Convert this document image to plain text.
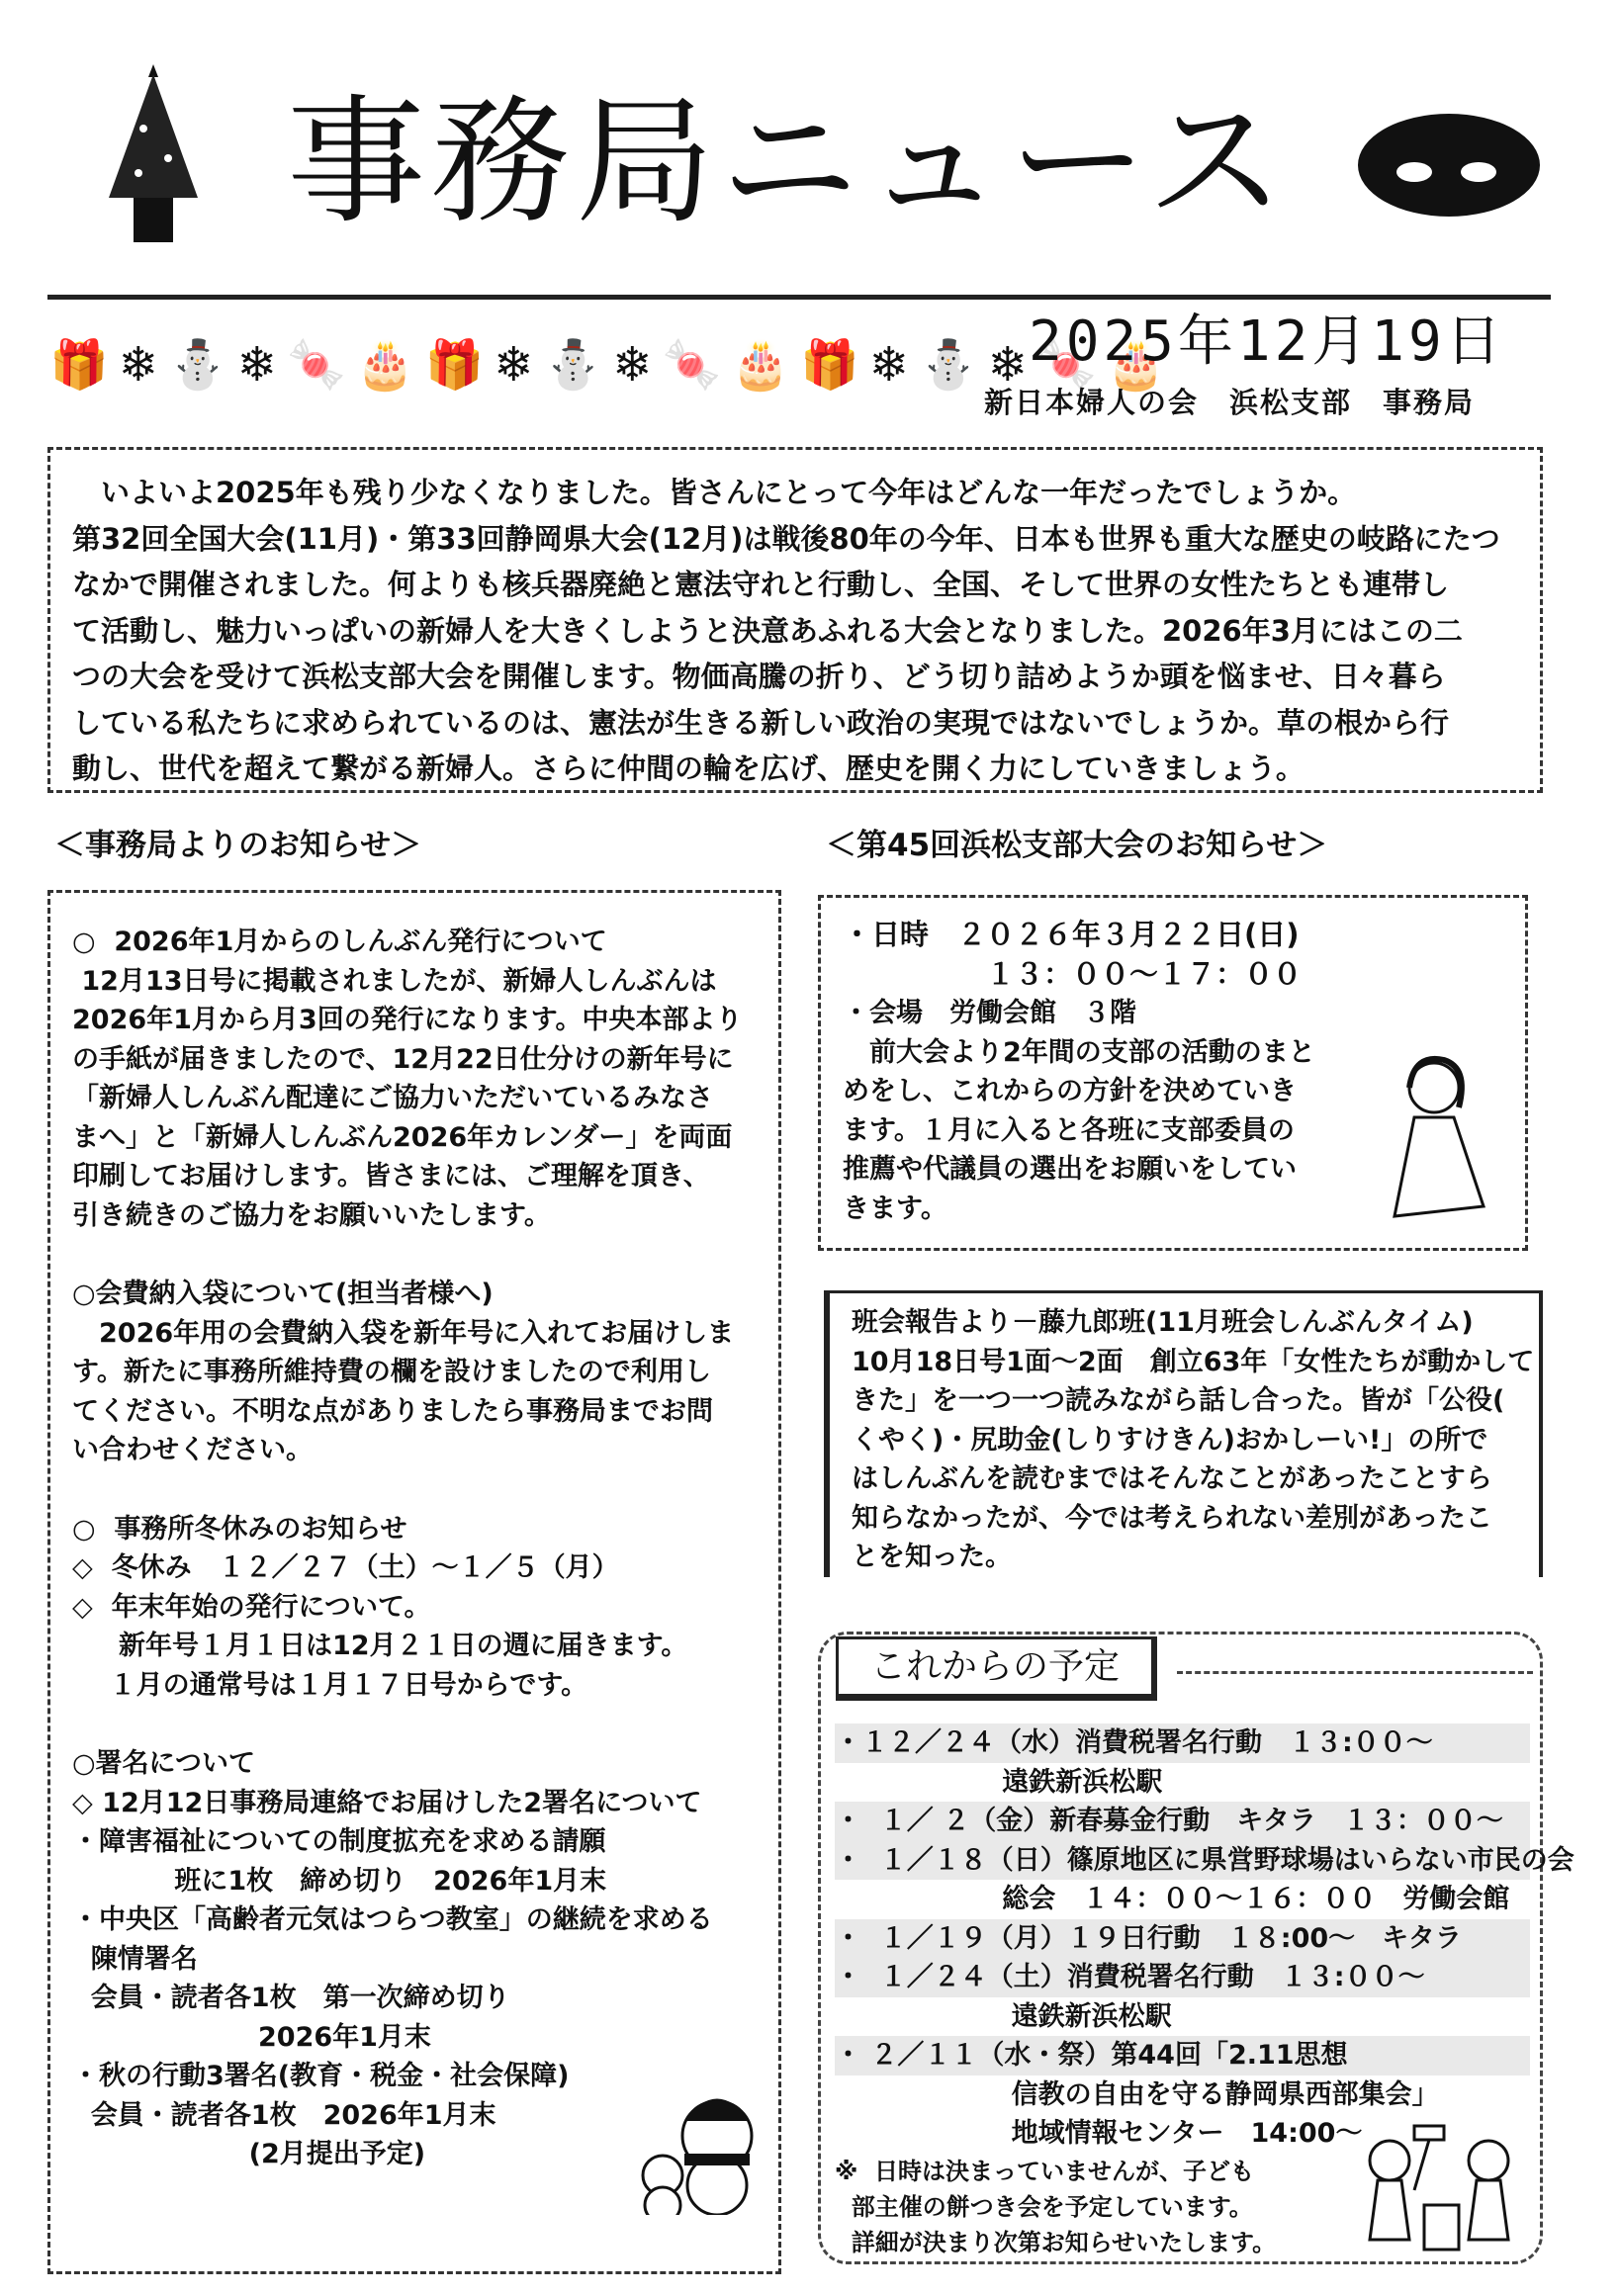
事務局ニュース
🎁❄⛄❄🍬🎂🎁❄⛄❄🍬🎂🎁❄⛄❄🍬🎂
2025年12月19日
新日本婦人の会　浜松支部　事務局

　いよいよ2025年も残り少なくなりました。皆さんにとって今年はどんな一年だったでしょうか。

第32回全国大会(11月)・第33回静岡県大会(12月)は戦後80年の今年、日本も世界も重大な歴史の岐路にたつ

なかで開催されました。何よりも核兵器廃絶と憲法守れと行動し、全国、そして世界の女性たちとも連帯し

て活動し、魅力いっぱいの新婦人を大きくしようと決意あふれる大会となりました。2026年3月にはこの二

つの大会を受けて浜松支部大会を開催します。物価高騰の折り、どう切り詰めようか頭を悩ませ、日々暮ら

している私たちに求められているのは、憲法が生きる新しい政治の実現ではないでしょうか。草の根から行

動し、世代を超えて繋がる新婦人。さらに仲間の輪を広げ、歴史を開く力にしていきましょう。

＜事務局よりのお知らせ＞	＜第45回浜松支部大会のお知らせ＞

○  2026年1月からのしんぶん発行について

12月13日号に掲載されましたが、新婦人しんぶんは

2026年1月から月3回の発行になります。中央本部より

の手紙が届きましたので、12月22日仕分けの新年号に

「新婦人しんぶん配達にご協力いただいているみなさ

まへ」と「新婦人しんぶん2026年カレンダー」を両面

印刷してお届けします。皆さまには、ご理解を頂き、

引き続きのご協力をお願いいたします。

○会費納入袋について(担当者様へ)

　2026年用の会費納入袋を新年号に入れてお届けしま

す。新たに事務所維持費の欄を設けましたので利用し

てください。不明な点がありましたら事務局までお問

い合わせください。

○  事務所冬休みのお知らせ

◇  冬休み　１２／２７（土）～１／５（月）

◇  年末年始の発行について。

新年号１月１日は12月２１日の週に届きます。

１月の通常号は１月１７日号からです。

○署名について

◇ 12月12日事務局連絡でお届けした2署名について

・障害福祉についての制度拡充を求める請願

班に1枚　締め切り　2026年1月末

・中央区「高齢者元気はつらつ教室」の継続を求める

陳情署名

会員・読者各1枚　第一次締め切り

2026年1月末

・秋の行動3署名(教育・税金・社会保障)

会員・読者各1枚　2026年1月末

(2月提出予定)

・日時　２０２６年３月２２日(日)

　　　　　１３：００～１７：００

・会場　労働会館　３階

　前大会より2年間の支部の活動のまと

めをし、これからの方針を決めていき

ます。１月に入ると各班に支部委員の

推薦や代議員の選出をお願いをしてい

きます。

班会報告より－藤九郎班(11月班会しんぶんタイム)

10月18日号1面～2面　創立63年「女性たちが動かして

きた」を一つ一つ読みながら話し合った。皆が「公役(

くやく)・尻助金(しりすけきん)おかしーい!」の所で

はしんぶんを読むまではそんなことがあったことすら

知らなかったが、今では考えられない差別があったこ

とを知った。

・１２／２４（水）消費税署名行動　１３:００～

遠鉄新浜松駅

・  １／ ２（金）新春募金行動　キタラ　１３：００～

・  １／１８（日）篠原地区に県営野球場はいらない市民の会

総会　１４：００～１６：００　労働会館

・  １／１９（月）１９日行動　１８:00～　キタラ

・  １／２４（土）消費税署名行動　１３:００～

遠鉄新浜松駅

・ ２／１１（水・祭）第44回「2.11思想

信教の自由を守る静岡県西部集会」

地域情報センター　14:00～

※  日時は決まっていませんが、子ども

部主催の餅つき会を予定しています。

詳細が決まり次第お知らせいたします。

これからの予定
